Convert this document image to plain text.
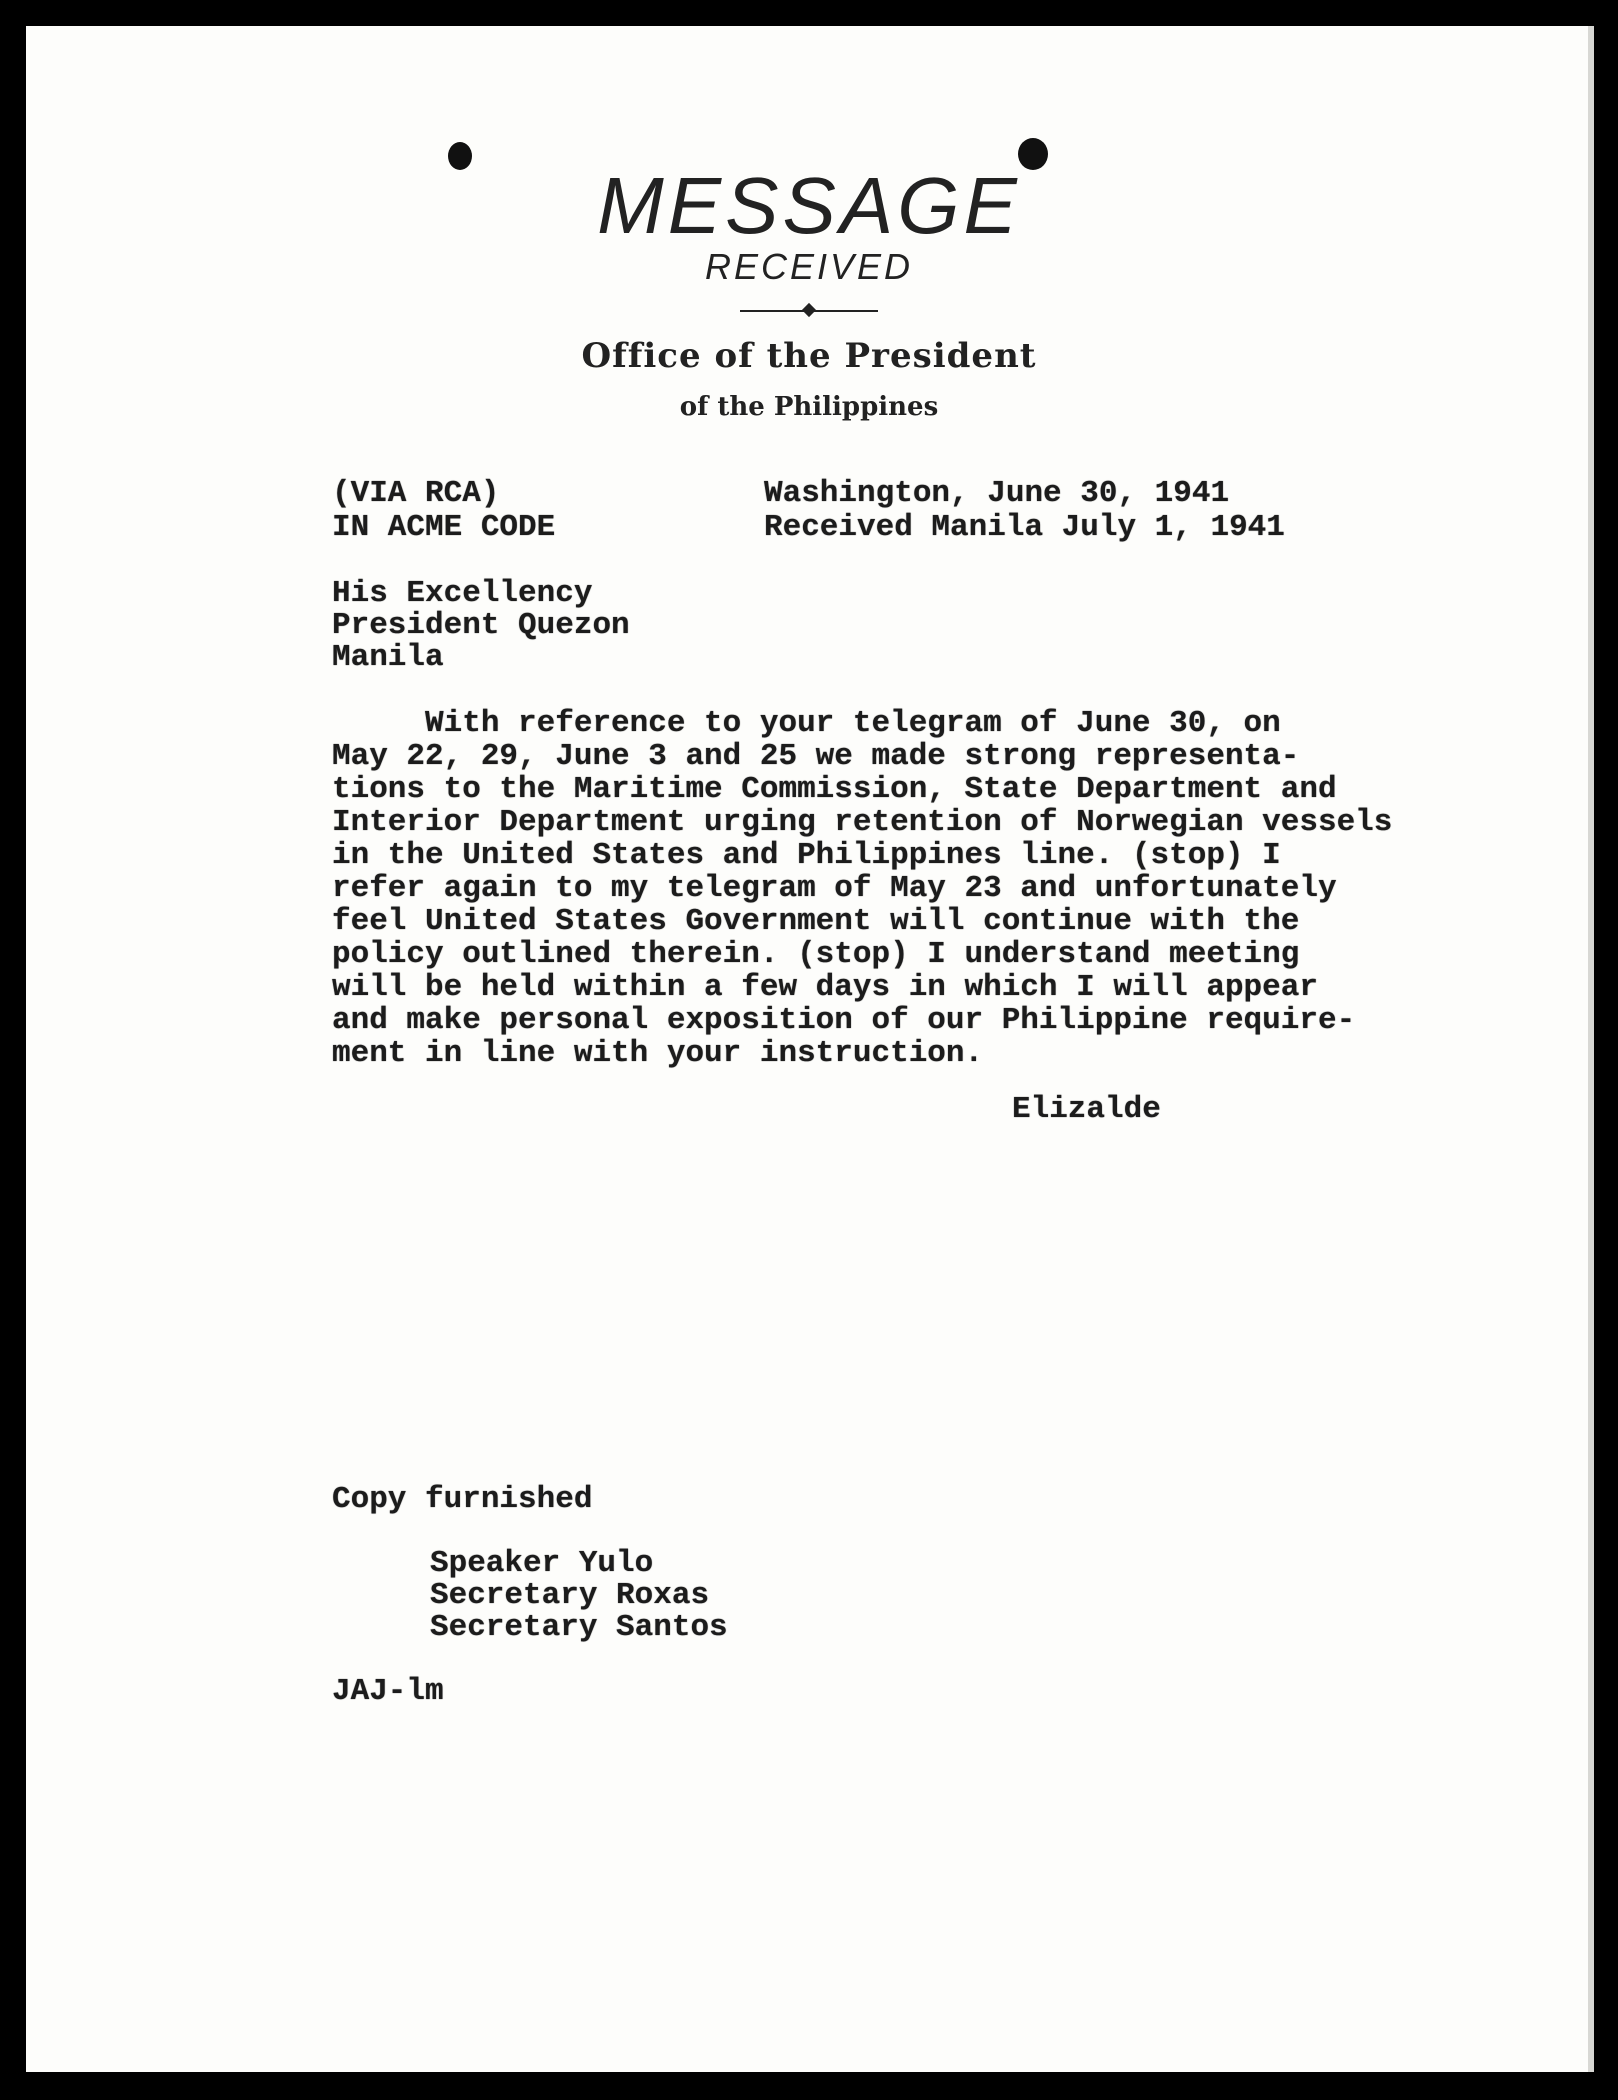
MESSAGE
RECEIVED
Office of the President
of the Philippines
(VIA RCA)
IN ACME CODE
Washington, June 30, 1941
Received Manila July 1, 1941
His Excellency
President Quezon
Manila
With reference to your telegram of June 30, on
May 22, 29, June 3 and 25 we made strong representa-
tions to the Maritime Commission, State Department and
Interior Department urging retention of Norwegian vessels
in the United States and Philippines line. (stop) I
refer again to my telegram of May 23 and unfortunately
feel United States Government will continue with the
policy outlined therein. (stop) I understand meeting
will be held within a few days in which I will appear
and make personal exposition of our Philippine require-
ment in line with your instruction.
Elizalde
Copy furnished
Speaker Yulo
Secretary Roxas
Secretary Santos
JAJ-lm
